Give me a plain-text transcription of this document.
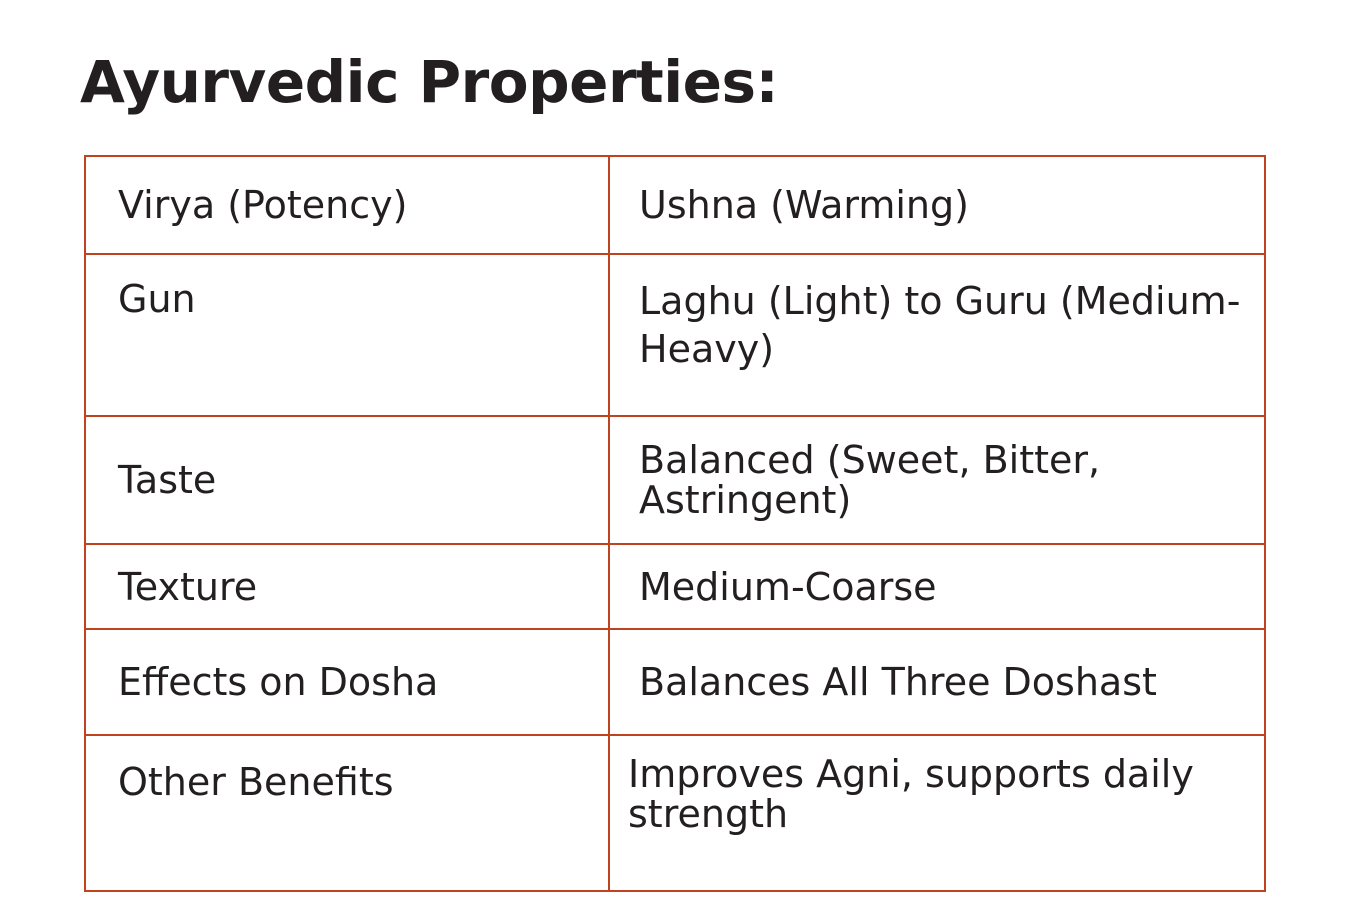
Ayurvedic Properties:
Virya (Potency)	Ushna (Warming)
Gun	Laghu (Light) to Guru (Medium-Heavy)
Taste	Balanced (Sweet, Bitter, Astringent)
Texture	Medium-Coarse
Effects on Dosha	Balances All Three Doshast
Other Benefits	Improves Agni, supports daily strength
